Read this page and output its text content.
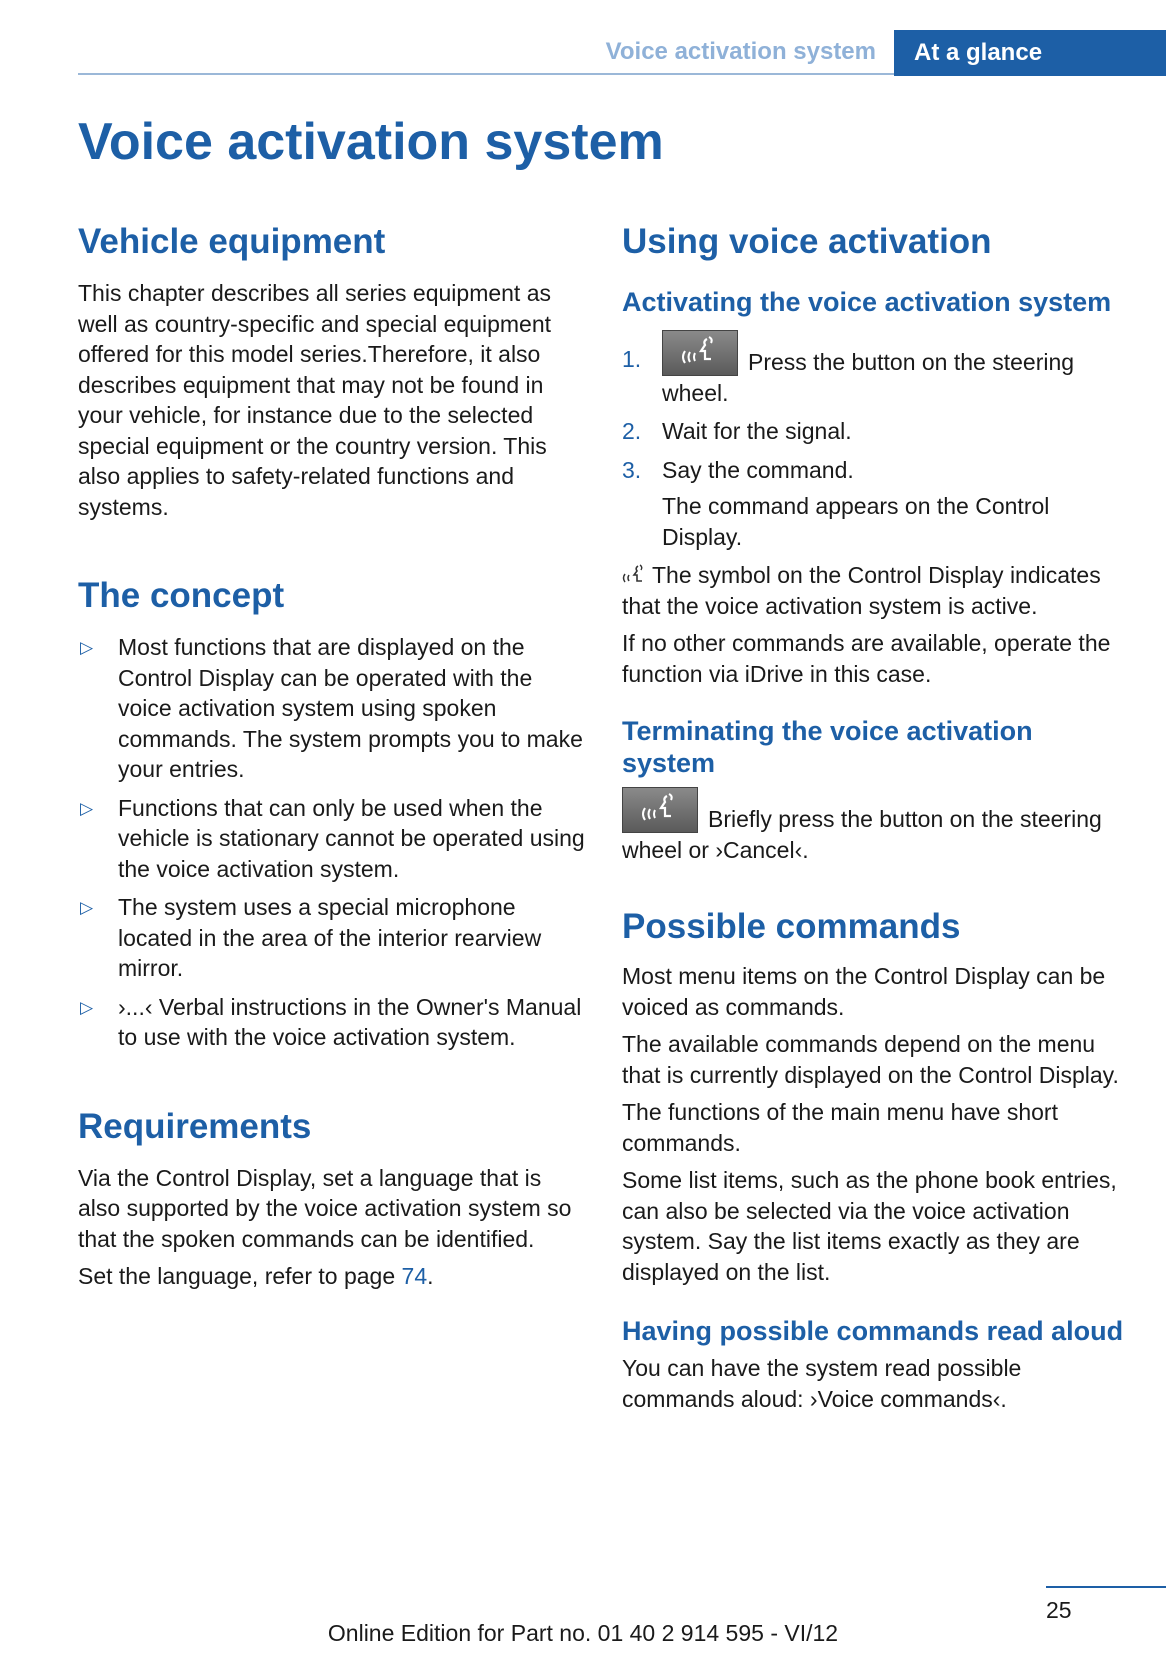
Voice activation system At a glance
Voice activation system
Vehicle equipment

This chapter describes all series equipment as well as country-specific and special equipment offered for this model series.Therefore, it also describes equipment that may not be found in your vehicle, for instance due to the selected special equipment or the country version. This also applies to safety-related functions and systems.

The concept
▷ Most functions that are displayed on the Control Display can be operated with the voice activation system using spoken commands. The system prompts you to make your entries.
▷ Functions that can only be used when the vehicle is stationary cannot be operated using the voice activation system.
▷ The system uses a special microphone located in the area of the interior rearview mirror.
▷ ›...‹ Verbal instructions in the Owner's Manual to use with the voice activation system.
Requirements

Via the Control Display, set a language that is also supported by the voice activation system so that the spoken commands can be identified.

Set the language, refer to page 74.

Using voice activation
Activating the voice activation system
1.	Press the button on the steering wheel.
2. Wait for the signal.
3. Say the command.
The command appears on the Control Display.

The symbol on the Control Display indicates that the voice activation system is active.

If no other commands are available, operate the function via iDrive in this case.

Terminating the voice activation system

Briefly press the button on the steering wheel or ›Cancel‹.

Possible commands

Most menu items on the Control Display can be voiced as commands.

The available commands depend on the menu that is currently displayed on the Control Display.

The functions of the main menu have short commands.

Some list items, such as the phone book entries, can also be selected via the voice activation system. Say the list items exactly as they are displayed on the list.

Having possible commands read aloud

You can have the system read possible commands aloud: ›Voice commands‹.

25
Online Edition for Part no. 01 40 2 914 595 - VI/12
